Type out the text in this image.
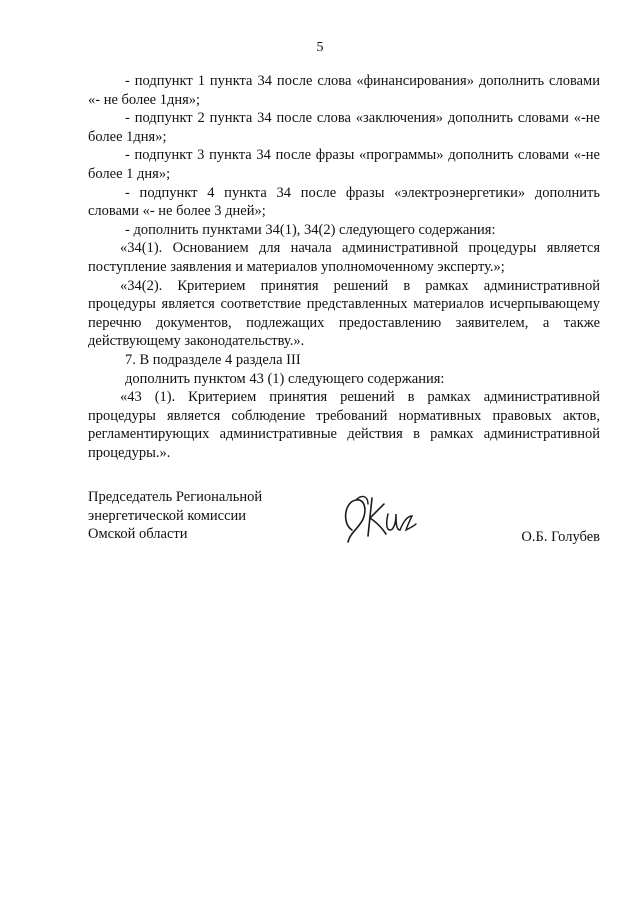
5

- подпункт 1 пункта 34 после слова «финансирования» дополнить словами «- не более 1дня»;

- подпункт 2 пункта 34 после слова «заключения» дополнить словами «-не более 1дня»;

- подпункт 3 пункта 34 после фразы «программы» дополнить словами «-не более 1 дня»;

- подпункт 4 пункта 34 после фразы «электроэнергетики» дополнить словами «- не более 3 дней»;

- дополнить пунктами 34(1), 34(2) следующего содержания:

«34(1). Основанием для начала административной процедуры является поступление заявления и материалов уполномоченному эксперту.»;

«34(2). Критерием принятия решений в рамках административной процедуры является соответствие представленных материалов исчерпывающему перечню документов, подлежащих предоставлению заявителем, а также действующему законодательству.».

7. В подразделе 4 раздела III

дополнить пунктом 43 (1) следующего содержания:

«43 (1). Критерием принятия решений в рамках административной процедуры является соблюдение требований нормативных правовых актов, регламентирующих административные действия в рамках административной процедуры.».

Председатель Региональной
энергетической комиссии
Омской области	О.Б. Голубев
